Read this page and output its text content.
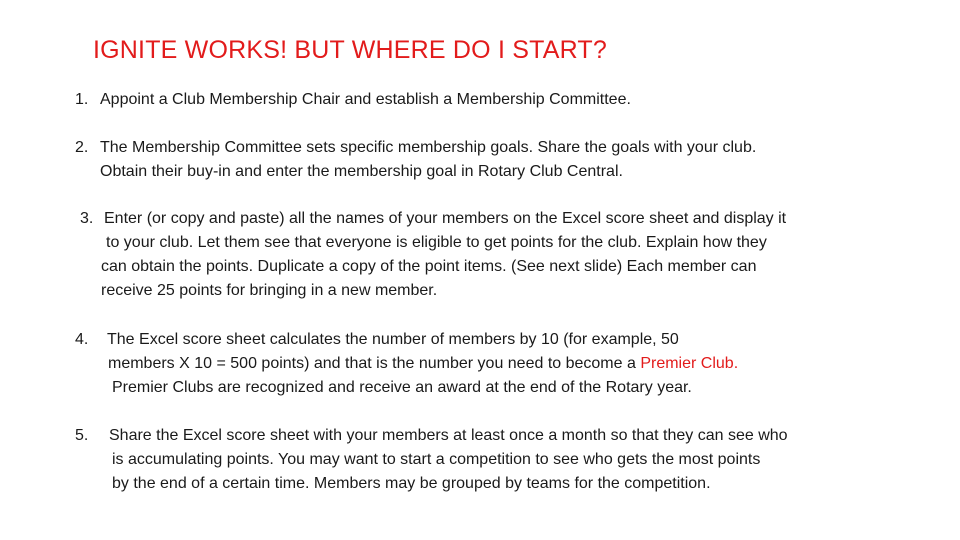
IGNITE WORKS! BUT WHERE DO I START?
1. Appoint a Club Membership Chair and establish a Membership Committee.
2. The Membership Committee sets specific membership goals. Share the goals with your club.
Obtain their buy-in and enter the membership goal in Rotary Club Central.
3. Enter (or copy and paste) all the names of your members on the Excel score sheet and display it
to your club. Let them see that everyone is eligible to get points for the club. Explain how they
can obtain the points. Duplicate a copy of the point items. (See next slide) Each member can
receive 25 points for bringing in a new member.
4.	The Excel score sheet calculates the number of members by 10 (for example, 50
members X 10 = 500 points) and that is the number you need to become a Premier Club.
Premier Clubs are recognized and receive an award at the end of the Rotary year.
5.	Share the Excel score sheet with your members at least once a month so that they can see who
is accumulating points. You may want to start a competition to see who gets the most points
by the end of a certain time. Members may be grouped by teams for the competition.
